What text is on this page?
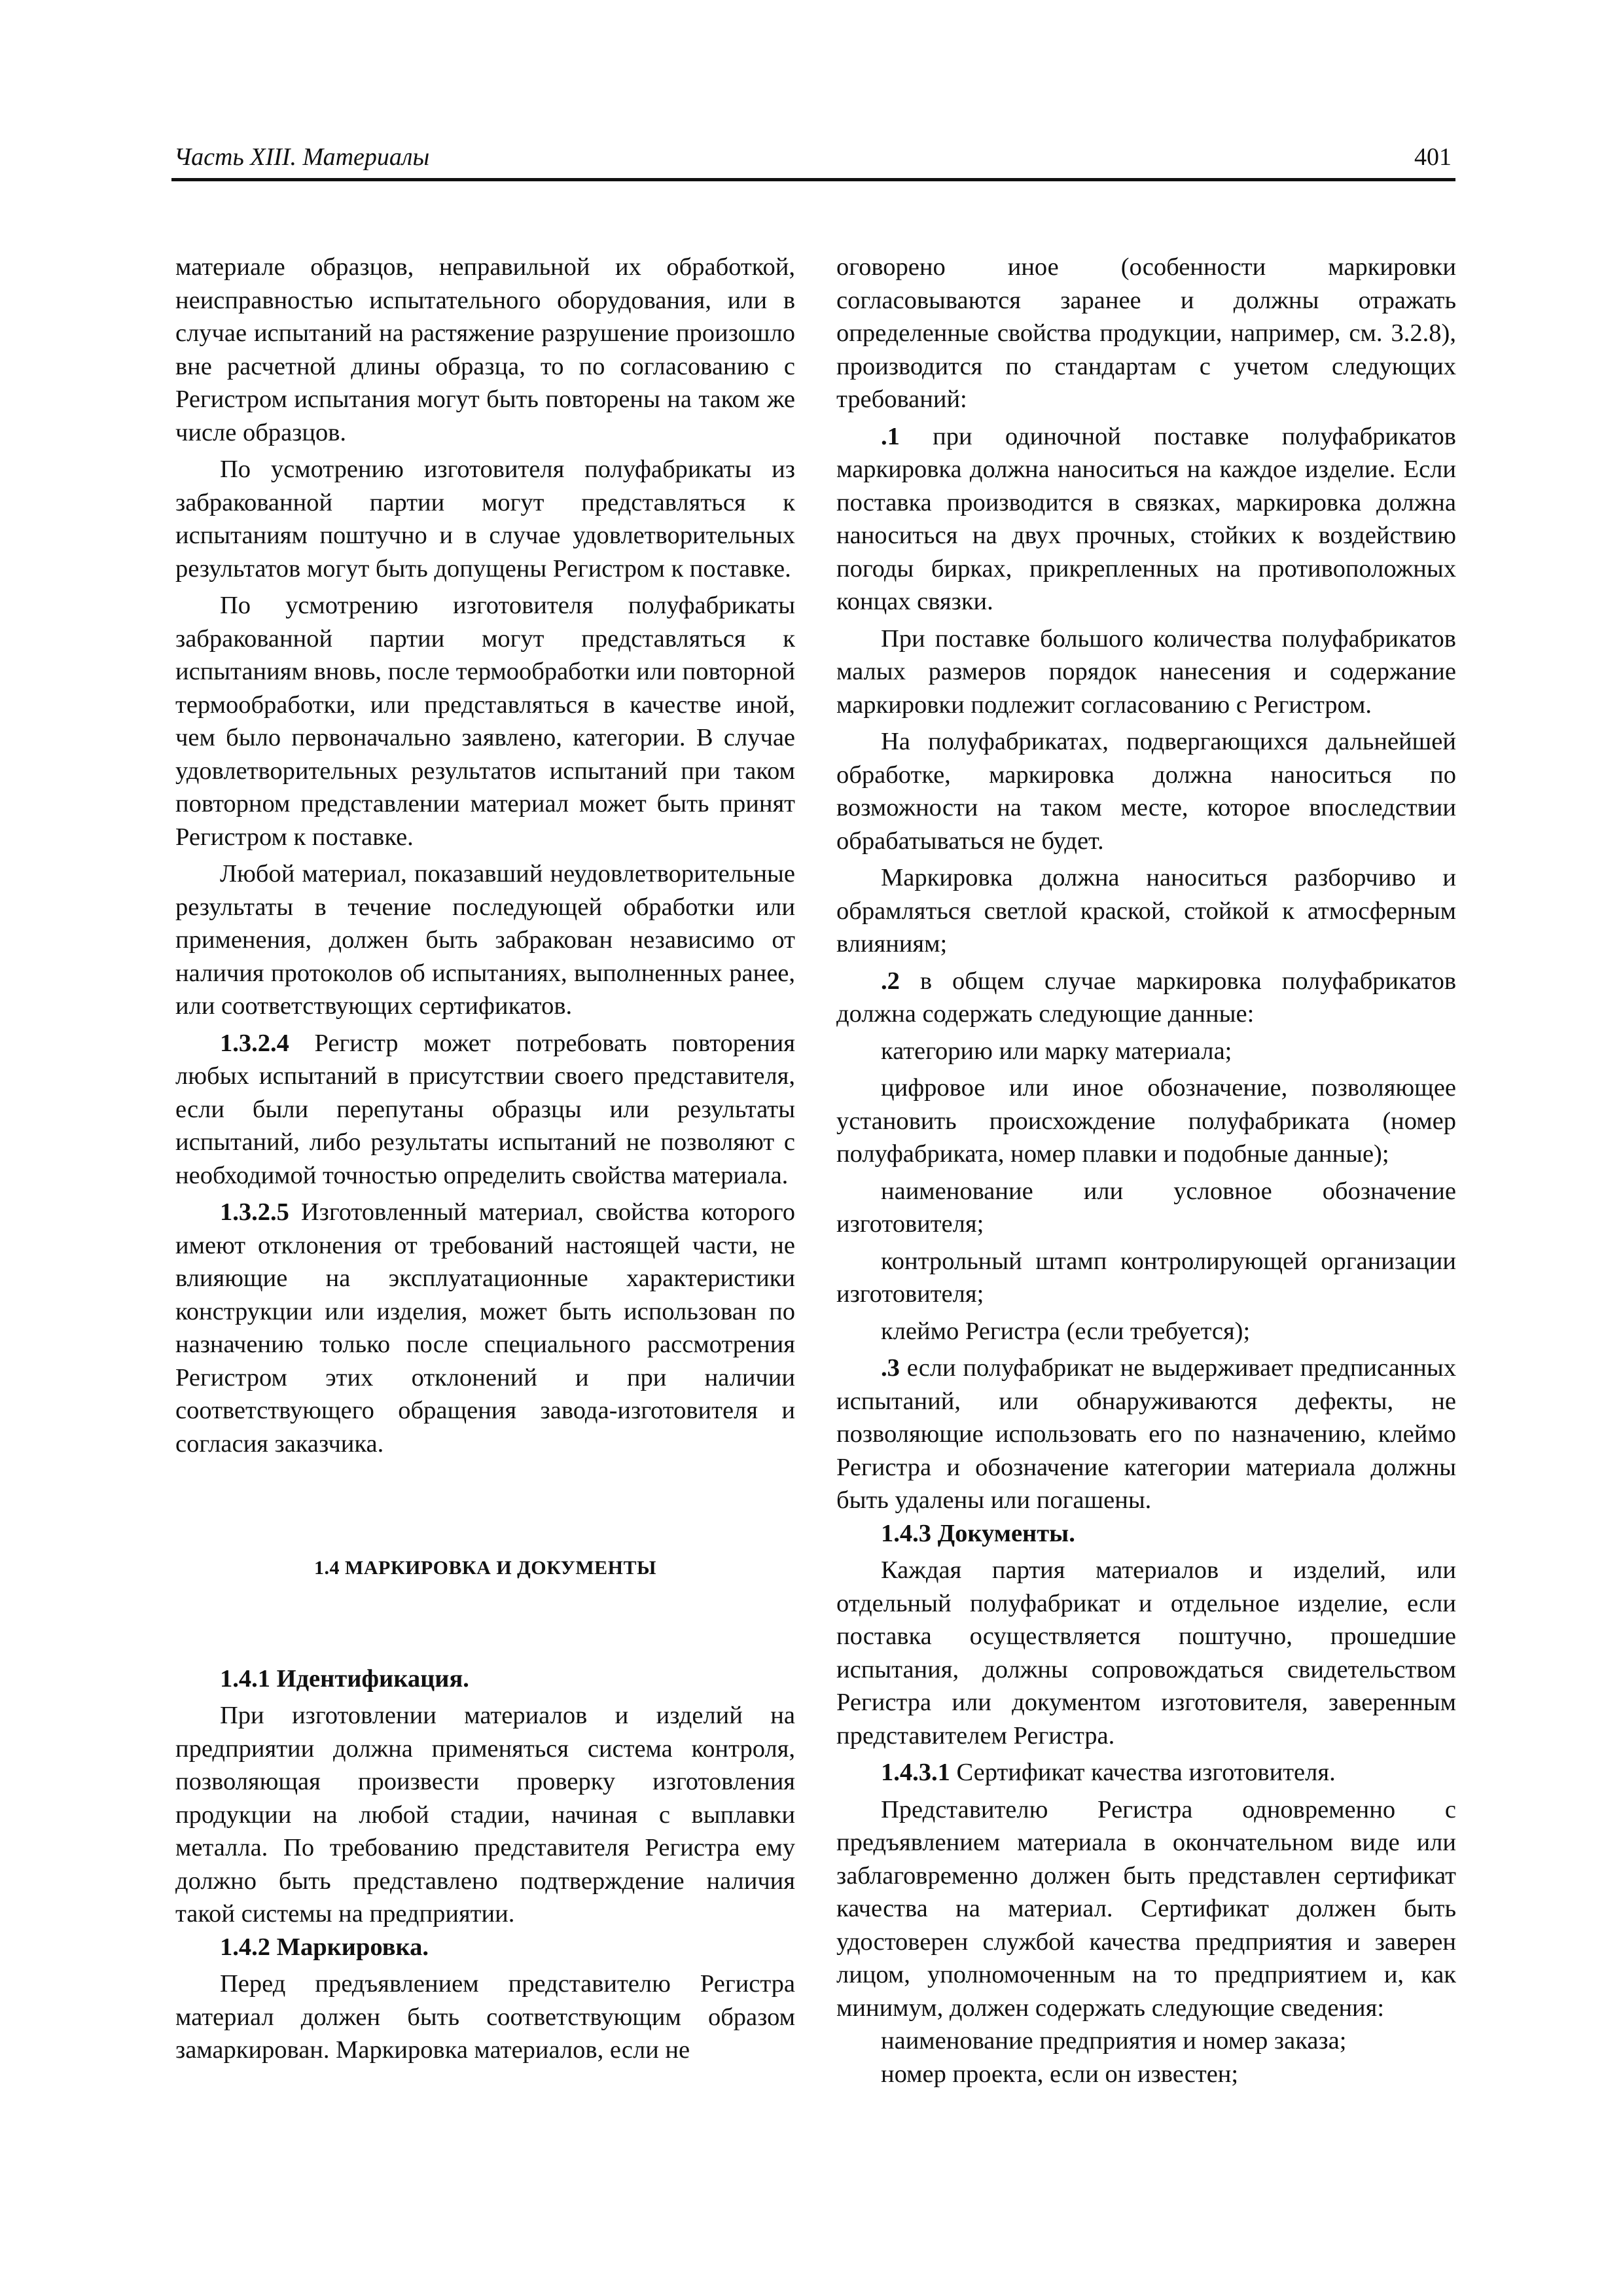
Часть XIII. Материалы	401

материале образцов, неправильной их обработкой, неисправностью испытательного оборудования, или в случае испытаний на растяжение разрушение произошло вне расчетной длины образца, то по согласованию с Регистром испытания могут быть повторены на таком же числе образцов.

По усмотрению изготовителя полуфабрикаты из забракованной партии могут представляться к испытаниям поштучно и в случае удовлетворительных результатов могут быть допущены Регистром к поставке.

По усмотрению изготовителя полуфабрикаты забракованной партии могут представляться к испытаниям вновь, после термообработки или повторной термообработки, или представляться в качестве иной, чем было первоначально заявлено, категории. В случае удовлетворительных результатов испытаний при таком повторном представлении материал может быть принят Регистром к поставке.

Любой материал, показавший неудовлетворительные результаты в течение последующей обработки или применения, должен быть забракован независимо от наличия протоколов об испытаниях, выполненных ранее, или соответствующих сертификатов.

1.3.2.4 Регистр может потребовать повторения любых испытаний в присутствии своего представителя, если были перепутаны образцы или результаты испытаний, либо результаты испытаний не позволяют с необходимой точностью определить свойства материала.

1.3.2.5 Изготовленный материал, свойства которого имеют отклонения от требований настоящей части, не влияющие на эксплуатационные характеристики конструкции или изделия, может быть использован по назначению только после специального рассмотрения Регистром этих отклонений и при наличии соответствующего обращения завода-изготовителя и согласия заказчика.

1.4 МАРКИРОВКА И ДОКУМЕНТЫ

1.4.1 Идентификация.

При изготовлении материалов и изделий на предприятии должна применяться система контроля, позволяющая произвести проверку изготовления продукции на любой стадии, начиная с выплавки металла. По требованию представителя Регистра ему должно быть представлено подтверждение наличия такой системы на предприятии.

1.4.2 Маркировка.

Перед предъявлением представителю Регистра материал должен быть соответствующим образом замаркирован. Маркировка материалов, если не

оговорено иное (особенности маркировки согласовываются заранее и должны отражать определенные свойства продукции, например, см. 3.2.8), производится по стандартам с учетом следующих требований:

.1 при одиночной поставке полуфабрикатов маркировка должна наноситься на каждое изделие. Если поставка производится в связках, маркировка должна наноситься на двух прочных, стойких к воздействию погоды бирках, прикрепленных на противоположных концах связки.

При поставке большого количества полуфабрикатов малых размеров порядок нанесения и содержание маркировки подлежит согласованию с Регистром.

На полуфабрикатах, подвергающихся дальнейшей обработке, маркировка должна наноситься по возможности на таком месте, которое впоследствии обрабатываться не будет.

Маркировка должна наноситься разборчиво и обрамляться светлой краской, стойкой к атмосферным влияниям;

.2 в общем случае маркировка полуфабрикатов должна содержать следующие данные:

категорию или марку материала;

цифровое или иное обозначение, позволяющее установить происхождение полуфабриката (номер полуфабриката, номер плавки и подобные данные);

наименование или условное обозначение изготовителя;

контрольный штамп контролирующей организации изготовителя;

клеймо Регистра (если требуется);

.3 если полуфабрикат не выдерживает предписанных испытаний, или обнаруживаются дефекты, не позволяющие использовать его по назначению, клеймо Регистра и обозначение категории материала должны быть удалены или погашены.

1.4.3 Документы.

Каждая партия материалов и изделий, или отдельный полуфабрикат и отдельное изделие, если поставка осуществляется поштучно, прошедшие испытания, должны сопровождаться свидетельством Регистра или документом изготовителя, заверенным представителем Регистра.

1.4.3.1 Сертификат качества изготовителя.

Представителю Регистра одновременно с предъявлением материала в окончательном виде или заблаговременно должен быть представлен сертификат качества на материал. Сертификат должен быть удостоверен службой качества предприятия и заверен лицом, уполномоченным на то предприятием и, как минимум, должен содержать следующие сведения:

наименование предприятия и номер заказа;

номер проекта, если он известен;
